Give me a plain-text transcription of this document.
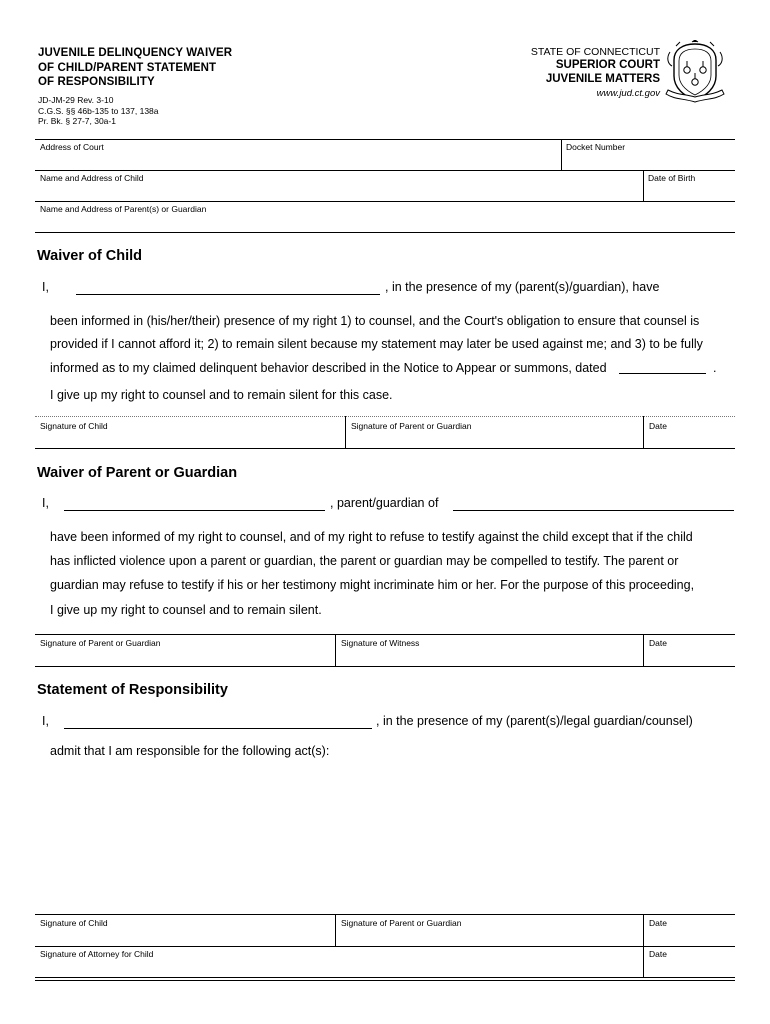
JUVENILE DELINQUENCY WAIVER
OF CHILD/PARENT STATEMENT
OF RESPONSIBILITY
JD-JM-29 Rev. 3-10
C.G.S. §§ 46b-135 to 137, 138a
Pr. Bk. § 27-7, 30a-1
STATE OF CONNECTICUT
SUPERIOR COURT
JUVENILE MATTERS
www.jud.ct.gov
Address of Court	Docket Number
Name and Address of Child	Date of Birth
Name and Address of Parent(s) or Guardian
Waiver of Child
I,	, in the presence of my (parent(s)/guardian), have
been informed in (his/her/their) presence of my right 1) to counsel, and the Court's obligation to ensure that counsel is
provided if I cannot afford it; 2) to remain silent because my statement may later be used against me; and 3) to be fully
informed as to my claimed delinquent behavior described in the Notice to Appear or summons, dated	.
I give up my right to counsel and to remain silent for this case.
Signature of Child	Signature of Parent or Guardian	Date
Waiver of Parent or Guardian
I,	, parent/guardian of
have been informed of my right to counsel, and of my right to refuse to testify against the child except that if the child
has inflicted violence upon a parent or guardian, the parent or guardian may be compelled to testify. The parent or
guardian may refuse to testify if his or her testimony might incriminate him or her. For the purpose of this proceeding,
I give up my right to counsel and to remain silent.
Signature of Parent or Guardian	Signature of Witness	Date
Statement of Responsibility
I,	, in the presence of my (parent(s)/legal guardian/counsel)
admit that I am responsible for the following act(s):
Signature of Child	Signature of Parent or Guardian	Date
Signature of Attorney for Child	Date
